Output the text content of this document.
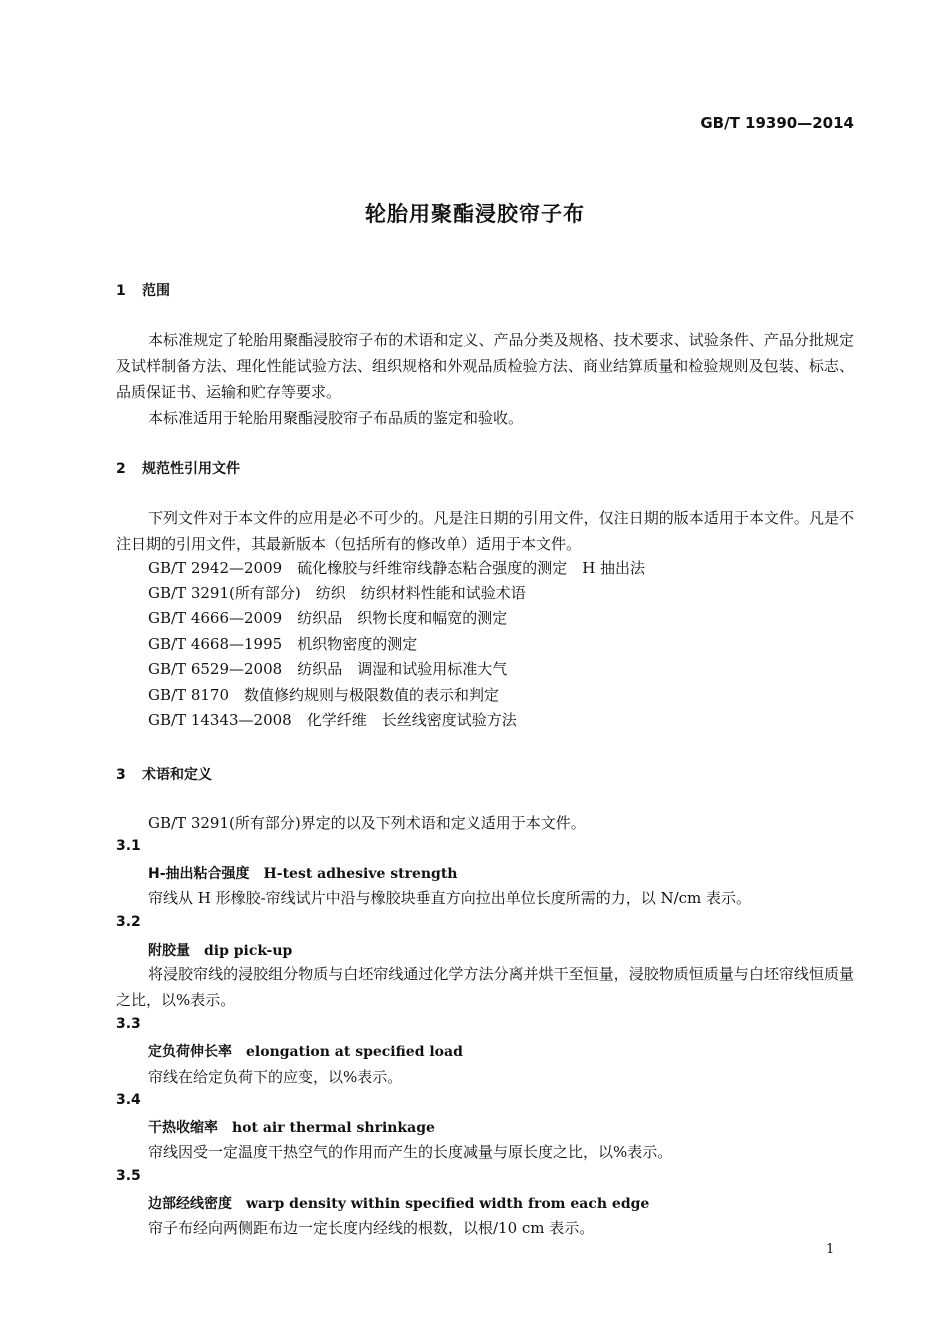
GB/T 19390—2014
轮胎用聚酯浸胶帘子布
1 范围
本标准规定了轮胎用聚酯浸胶帘子布的术语和定义、产品分类及规格、技术要求、试验条件、产品分批规定及试样制备方法、理化性能试验方法、组织规格和外观品质检验方法、商业结算质量和检验规则及包装、标志、品质保证书、运输和贮存等要求。
本标准适用于轮胎用聚酯浸胶帘子布品质的鉴定和验收。
2 规范性引用文件
下列文件对于本文件的应用是必不可少的。凡是注日期的引用文件，仅注日期的版本适用于本文件。凡是不注日期的引用文件，其最新版本（包括所有的修改单）适用于本文件。
GB/T 2942—2009　 硫化橡胶与纤维帘线静态粘合强度的测定　H 抽出法
GB/T 3291(所有部分)　 纺织　纺织材料性能和试验术语
GB/T 4666—2009　 纺织品　织物长度和幅宽的测定
GB/T 4668—1995　 机织物密度的测定
GB/T 6529—2008　 纺织品　调湿和试验用标准大气
GB/T 8170　 数值修约规则与极限数值的表示和判定
GB/T 14343—2008　 化学纤维　长丝线密度试验方法
3 术语和定义
GB/T 3291(所有部分)界定的以及下列术语和定义适用于本文件。
3.1
H-抽出粘合强度 H-test adhesive strength
帘线从 H 形橡胶-帘线试片中沿与橡胶块垂直方向拉出单位长度所需的力，以 N/cm 表示。
3.2
附胶量 dip pick-up
将浸胶帘线的浸胶组分物质与白坯帘线通过化学方法分离并烘干至恒量，浸胶物质恒质量与白坯帘线恒质量之比，以%表示。
3.3
定负荷伸长率 elongation at specified load
帘线在给定负荷下的应变，以%表示。
3.4
干热收缩率 hot air thermal shrinkage
帘线因受一定温度干热空气的作用而产生的长度减量与原长度之比，以%表示。
3.5
边部经线密度 warp density within specified width from each edge
帘子布经向两侧距布边一定长度内经线的根数，以根/10 cm 表示。
1
